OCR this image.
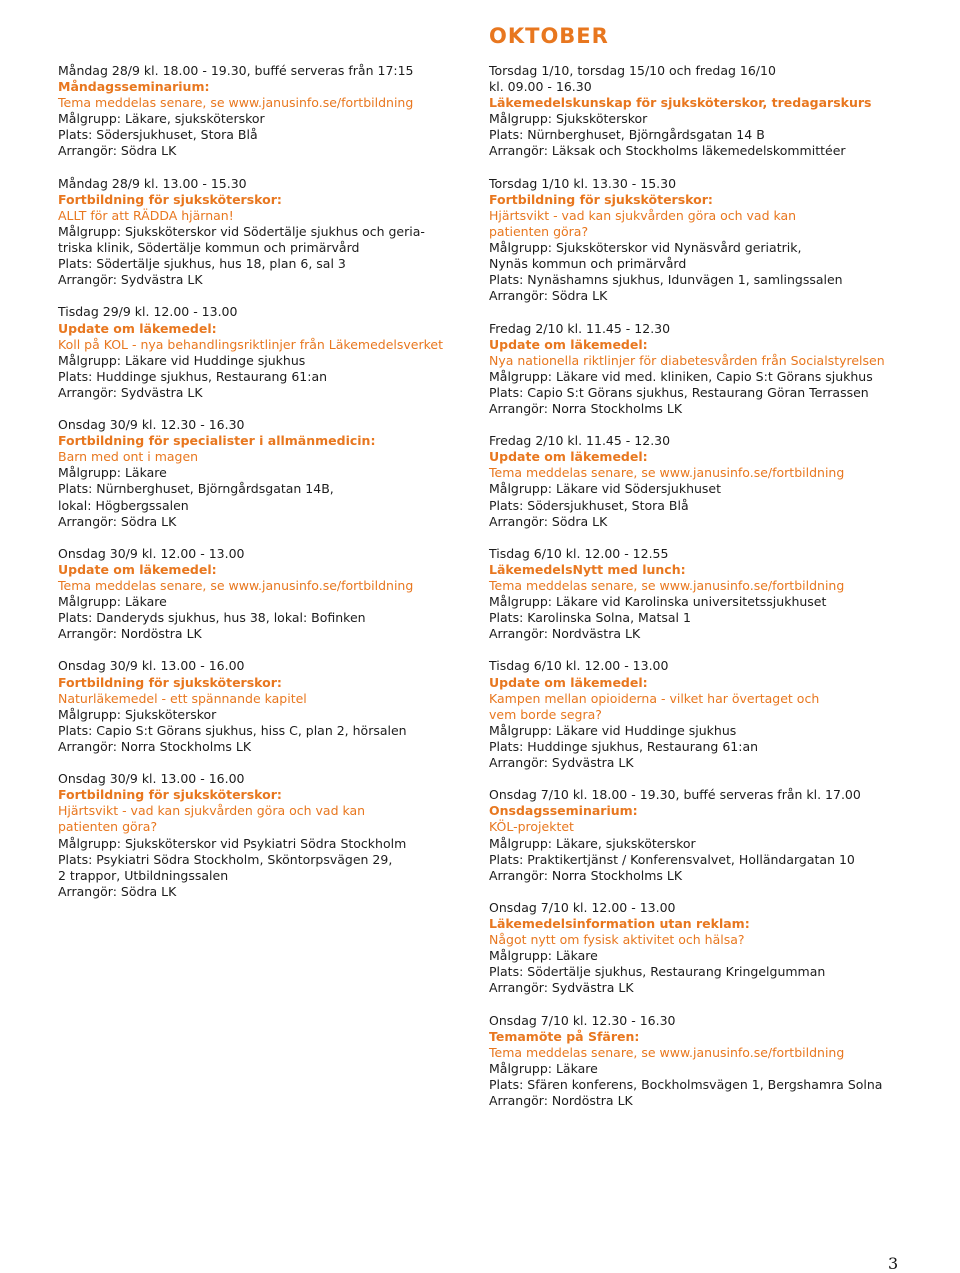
OKTOBER
Måndag 28/9 kl. 18.00 - 19.30, buffé serveras från 17:15
Måndagsseminarium:
Tema meddelas senare, se www.janusinfo.se/fortbildning
Målgrupp: Läkare, sjuksköterskor
Plats: Södersjukhuset, Stora Blå
Arrangör: Södra LK
Måndag 28/9 kl. 13.00 - 15.30
Fortbildning för sjuksköterskor:
ALLT för att RÄDDA hjärnan!
Målgrupp: Sjuksköterskor vid Södertälje sjukhus och geria-
triska klinik, Södertälje kommun och primärvård
Plats: Södertälje sjukhus, hus 18, plan 6, sal 3
Arrangör: Sydvästra LK
Tisdag 29/9 kl. 12.00 - 13.00
Update om läkemedel:
Koll på KOL - nya behandlingsriktlinjer från Läkemedelsverket
Målgrupp: Läkare vid Huddinge sjukhus
Plats: Huddinge sjukhus, Restaurang 61:an
Arrangör: Sydvästra LK
Onsdag 30/9 kl. 12.30 - 16.30
Fortbildning för specialister i allmänmedicin:
Barn med ont i magen
Målgrupp: Läkare
Plats: Nürnberghuset, Björngårdsgatan 14B,
lokal: Högbergssalen
Arrangör: Södra LK
Onsdag 30/9 kl. 12.00 - 13.00
Update om läkemedel:
Tema meddelas senare, se www.janusinfo.se/fortbildning
Målgrupp: Läkare
Plats: Danderyds sjukhus, hus 38, lokal: Bofinken
Arrangör: Nordöstra LK
Onsdag 30/9 kl. 13.00 - 16.00
Fortbildning för sjuksköterskor:
Naturläkemedel - ett spännande kapitel
Målgrupp: Sjuksköterskor
Plats: Capio S:t Görans sjukhus, hiss C, plan 2, hörsalen
Arrangör: Norra Stockholms LK
Onsdag 30/9 kl. 13.00 - 16.00
Fortbildning för sjuksköterskor:
Hjärtsvikt - vad kan sjukvården göra och vad kan
patienten göra?
Målgrupp: Sjuksköterskor vid Psykiatri Södra Stockholm
Plats: Psykiatri Södra Stockholm, Sköntorpsvägen 29,
2 trappor, Utbildningssalen
Arrangör: Södra LK
Torsdag 1/10, torsdag 15/10 och fredag 16/10
kl. 09.00 - 16.30
Läkemedelskunskap för sjuksköterskor, tredagarskurs
Målgrupp: Sjuksköterskor
Plats: Nürnberghuset, Björngårdsgatan 14 B
Arrangör: Läksak och Stockholms läkemedelskommittéer
Torsdag 1/10 kl. 13.30 - 15.30
Fortbildning för sjuksköterskor:
Hjärtsvikt - vad kan sjukvården göra och vad kan
patienten göra?
Målgrupp: Sjuksköterskor vid Nynäsvård geriatrik,
Nynäs kommun och primärvård
Plats: Nynäshamns sjukhus, Idunvägen 1, samlingssalen
Arrangör: Södra LK
Fredag 2/10 kl. 11.45 - 12.30
Update om läkemedel:
Nya nationella riktlinjer för diabetesvården från Socialstyrelsen
Målgrupp: Läkare vid med. kliniken, Capio S:t Görans sjukhus
Plats: Capio S:t Görans sjukhus, Restaurang Göran Terrassen
Arrangör: Norra Stockholms LK
Fredag 2/10 kl. 11.45 - 12.30
Update om läkemedel:
Tema meddelas senare, se www.janusinfo.se/fortbildning
Målgrupp: Läkare vid Södersjukhuset
Plats: Södersjukhuset, Stora Blå
Arrangör: Södra LK
Tisdag 6/10 kl. 12.00 - 12.55
LäkemedelsNytt med lunch:
Tema meddelas senare, se www.janusinfo.se/fortbildning
Målgrupp: Läkare vid Karolinska universitetssjukhuset
Plats: Karolinska Solna, Matsal 1
Arrangör: Nordvästra LK
Tisdag 6/10 kl. 12.00 - 13.00
Update om läkemedel:
Kampen mellan opioiderna - vilket har övertaget och
vem borde segra?
Målgrupp: Läkare vid Huddinge sjukhus
Plats: Huddinge sjukhus, Restaurang 61:an
Arrangör: Sydvästra LK
Onsdag 7/10 kl. 18.00 - 19.30, buffé serveras från kl. 17.00
Onsdagsseminarium:
KÖL-projektet
Målgrupp: Läkare, sjuksköterskor
Plats: Praktikertjänst / Konferensvalvet, Holländargatan 10
Arrangör: Norra Stockholms LK
Onsdag 7/10 kl. 12.00 - 13.00
Läkemedelsinformation utan reklam:
Något nytt om fysisk aktivitet och hälsa?
Målgrupp: Läkare
Plats: Södertälje sjukhus, Restaurang Kringelgumman
Arrangör: Sydvästra LK
Onsdag 7/10 kl. 12.30 - 16.30
Temamöte på Sfären:
Tema meddelas senare, se www.janusinfo.se/fortbildning
Målgrupp: Läkare
Plats: Sfären konferens, Bockholmsvägen 1, Bergshamra Solna
Arrangör: Nordöstra LK
3
